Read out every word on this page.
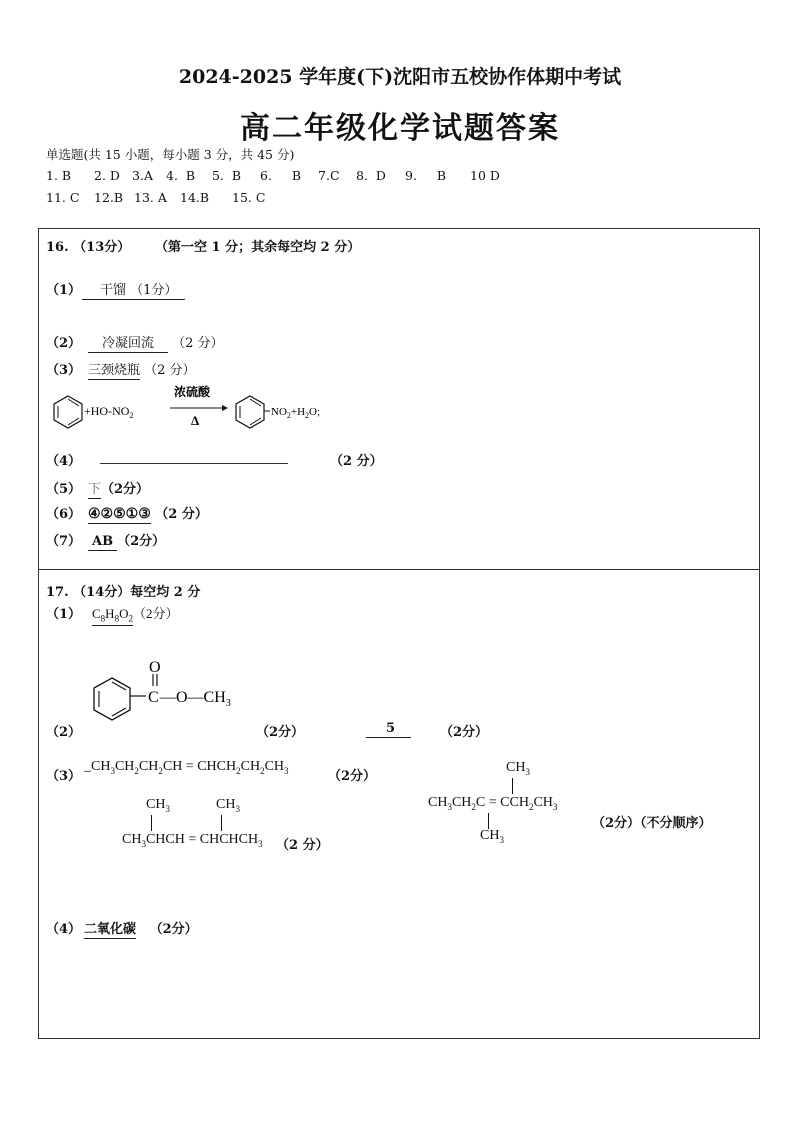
2024-2025 学年度(下)沈阳市五校协作体期中考试
高二年级化学试题答案
单选题(共 15 小题，每小题 3 分，共 45 分)
1. B 2. D 3.A 4. B 5. B 6. B 7.C 8. D 9. B 10 D
11. C 12.B 13. A 14.B 15. C
16. （13分） （第一空 1 分；其余每空均 2 分）
（1）	干馏 （1分）
（2）	冷凝回流 （2 分）
（3） 三颈烧瓶 （2 分）
$+HO-NO_2$
浓硫酸
Δ
$NO_2+H_2O$;
（4）	（2 分）
（5） 下（2分）
（6） ④②⑤①③ （2 分）
（7） AB （2分）
17. （14分）每空均 2 分
（1） $C_8H_8O_2(2$分）
O
C $—O—CH_3$
（2）	（2分）	5	（2分）
（3）
$\_CH_3CH_2CH_2CH$ = $CHCH_2CH_2CH_3$	（2分）
$CH_3$	$CH_3$
$CH_3CHCH$ = $CHCHCH_3$ （2 分）
$CH_3$
$CH_3CH_2C = CCH_2CH_3$
$CH_3$
（2分）（不分顺序）
（4） 二氧化碳 （2分）
